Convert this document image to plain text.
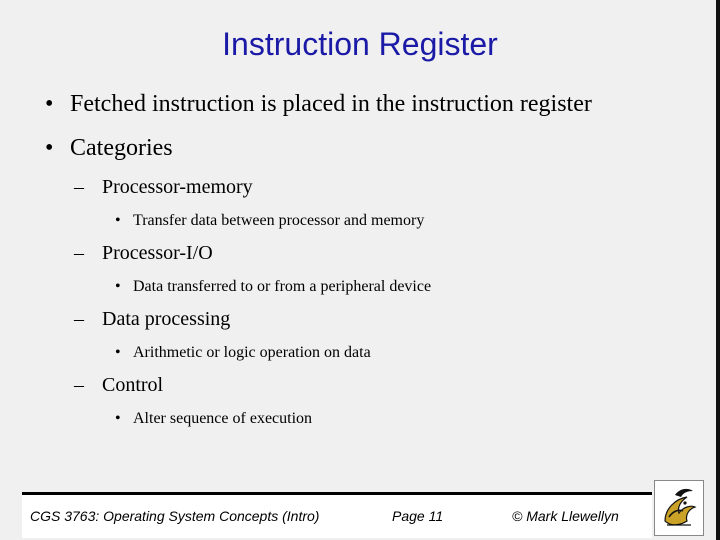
Instruction Register
• Fetched instruction is placed in the instruction register
• Categories
– Processor-memory
• Transfer data between processor and memory
– Processor-I/O
• Data transferred to or from a peripheral device
– Data processing
• Arithmetic or logic operation on data
– Control
• Alter sequence of execution
CGS 3763: Operating System Concepts (Intro)	Page 11	© Mark Llewellyn
